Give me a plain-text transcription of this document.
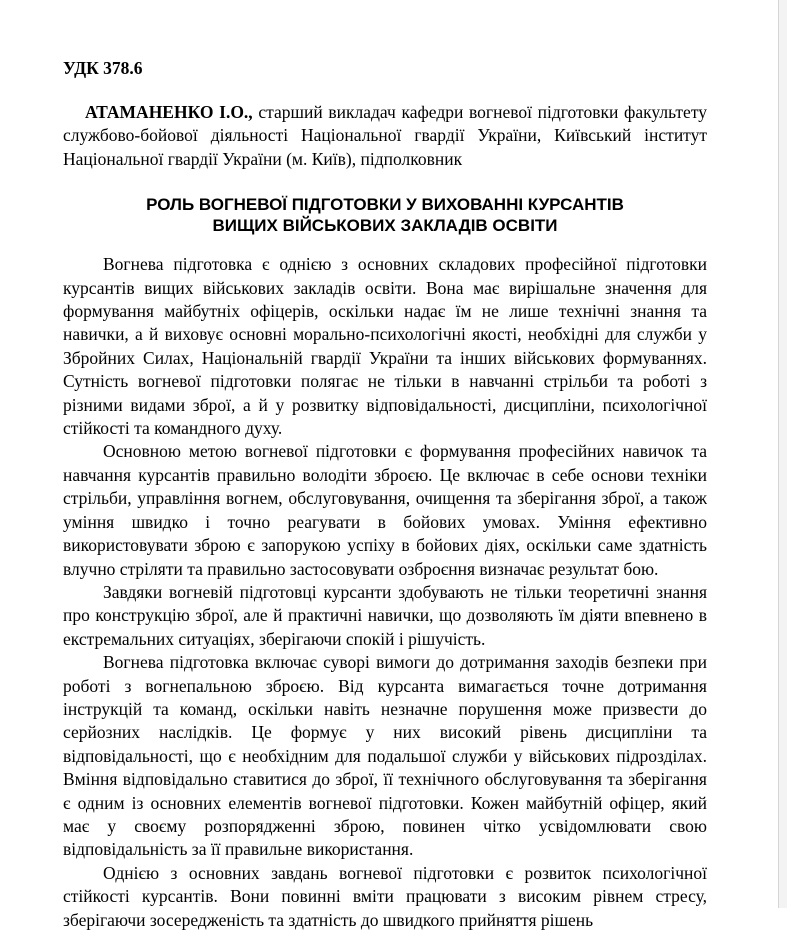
УДК 378.6

АТАМАНЕНКО І.О., старший викладач кафедри вогневої підготовки факультету службово-бойової діяльності Національної гвардії України, Київський інститут Національної гвардії України (м. Київ), підполковник

РОЛЬ ВОГНЕВОЇ ПІДГОТОВКИ У ВИХОВАННІ КУРСАНТІВ
ВИЩИХ ВІЙСЬКОВИХ ЗАКЛАДІВ ОСВІТИ

Вогнева підготовка є однією з основних складових професійної підготовки курсантів вищих військових закладів освіти. Вона має вирішальне значення для формування майбутніх офіцерів, оскільки надає їм не лише технічні знання та навички, а й виховує основні морально-психологічні якості, необхідні для служби у Збройних Силах, Національній гвардії України та інших військових формуваннях. Сутність вогневої підготовки полягає не тільки в навчанні стрільби та роботі з різними видами зброї, а й у розвитку відповідальності, дисципліни, психологічної стійкості та командного духу.

Основною метою вогневої підготовки є формування професійних навичок та навчання курсантів правильно володіти зброєю. Це включає в себе основи техніки стрільби, управління вогнем, обслуговування, очищення та зберігання зброї, а також уміння швидко і точно реагувати в бойових умовах. Уміння ефективно використовувати зброю є запорукою успіху в бойових діях, оскільки саме здатність влучно стріляти та правильно застосовувати озброєння визначає результат бою.

Завдяки вогневій підготовці курсанти здобувають не тільки теоретичні знання про конструкцію зброї, але й практичні навички, що дозволяють їм діяти впевнено в екстремальних ситуаціях, зберігаючи спокій і рішучість.

Вогнева підготовка включає суворі вимоги до дотримання заходів безпеки при роботі з вогнепальною зброєю. Від курсанта вимагається точне дотримання інструкцій та команд, оскільки навіть незначне порушення може призвести до серйозних наслідків. Це формує у них високий рівень дисципліни та відповідальності, що є необхідним для подальшої служби у військових підрозділах. Вміння відповідально ставитися до зброї, її технічного обслуговування та зберігання є одним із основних елементів вогневої підготовки. Кожен майбутній офіцер, який має у своєму розпорядженні зброю, повинен чітко усвідомлювати свою відповідальність за її правильне використання.

Однією з основних завдань вогневої підготовки є розвиток психологічної стійкості курсантів. Вони повинні вміти працювати з високим рівнем стресу, зберігаючи зосередженість та здатність до швидкого прийняття рішень
